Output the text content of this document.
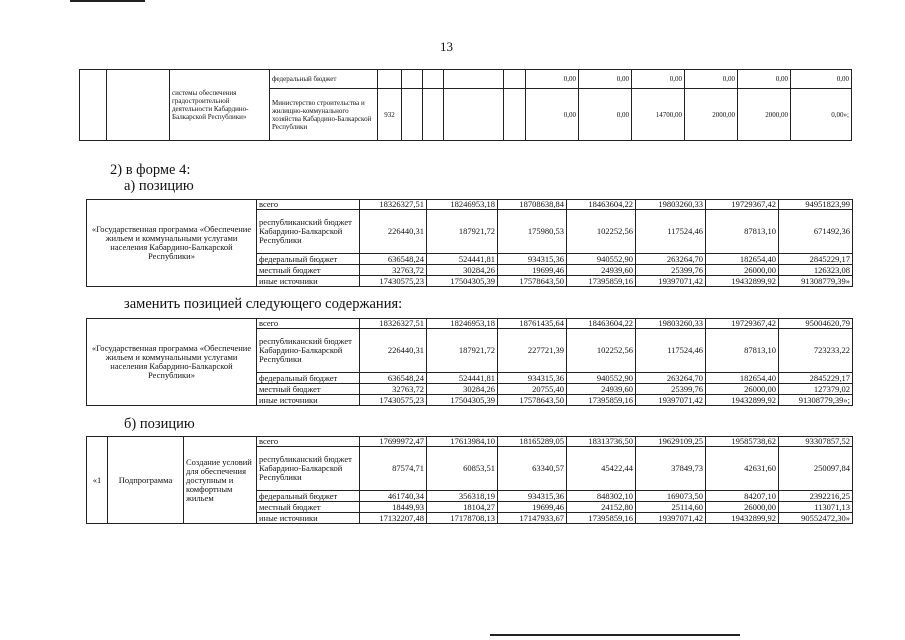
13
		системы обеспечения градостроительной деятельности Кабардино-Балкарской Республики»	федеральный бюджет						0,00	0,00	0,00	0,00	0,00	0,00
			Министерство строительства и жилищно-коммунального хозяйства Кабардино-Балкарской Республики	932					0,00	0,00	14700,00	2000,00	2000,00	0,00»;
2) в форме 4:
а) позицию
«Государственная программа «Обеспечение жильем и коммунальными услугами населения Кабардино-Балкарской Республики»	всего	18326327,51	18246953,18	18708638,84	18463604,22	19803260,33	19729367,42	94951823,99
	республиканский бюджет Кабардино-Балкарской Республики	226440,31	187921,72	175980,53	102252,56	117524,46	87813,10	671492,36
	федеральный бюджет	636548,24	524441,81	934315,36	940552,90	263264,70	182654,40	2845229,17
	местный бюджет	32763,72	30284,26	19699,46	24939,60	25399,76	26000,00	126323,08
	иные источники	17430575,23	17504305,39	17578643,50	17395859,16	19397071,42	19432899,92	91308779,39»
заменить позицией следующего содержания:
«Государственная программа «Обеспечение жильем и коммунальными услугами населения Кабардино-Балкарской Республики»	всего	18326327,51	18246953,18	18761435,64	18463604,22	19803260,33	19729367,42	95004620,79
	республиканский бюджет Кабардино-Балкарской Республики	226440,31	187921,72	227721,39	102252,56	117524,46	87813,10	723233,22
	федеральный бюджет	636548,24	524441,81	934315,36	940552,90	263264,70	182654,40	2845229,17
	местный бюджет	32763,72	30284,26	20755,40	24939,60	25399,76	26000,00	127379,02
	иные источники	17430575,23	17504305,39	17578643,50	17395859,16	19397071,42	19432899,92	91308779,39»;
б) позицию
«1	Подпрограмма	Создание условий для обеспечения доступным и комфортным жильем	всего	17699972,47	17613984,10	18165289,05	18313736,50	19629109,25	19585738,62	93307857,52
			республиканский бюджет Кабардино-Балкарской Республики	87574,71	60853,51	63340,57	45422,44	37849,73	42631,60	250097,84
			федеральный бюджет	461740,34	356318,19	934315,36	848302,10	169073,50	84207,10	2392216,25
			местный бюджет	18449,93	18104,27	19699,46	24152,80	25114,60	26000,00	113071,13
			иные источники	17132207,48	17178708,13	17147933,67	17395859,16	19397071,42	19432899,92	90552472,30»
